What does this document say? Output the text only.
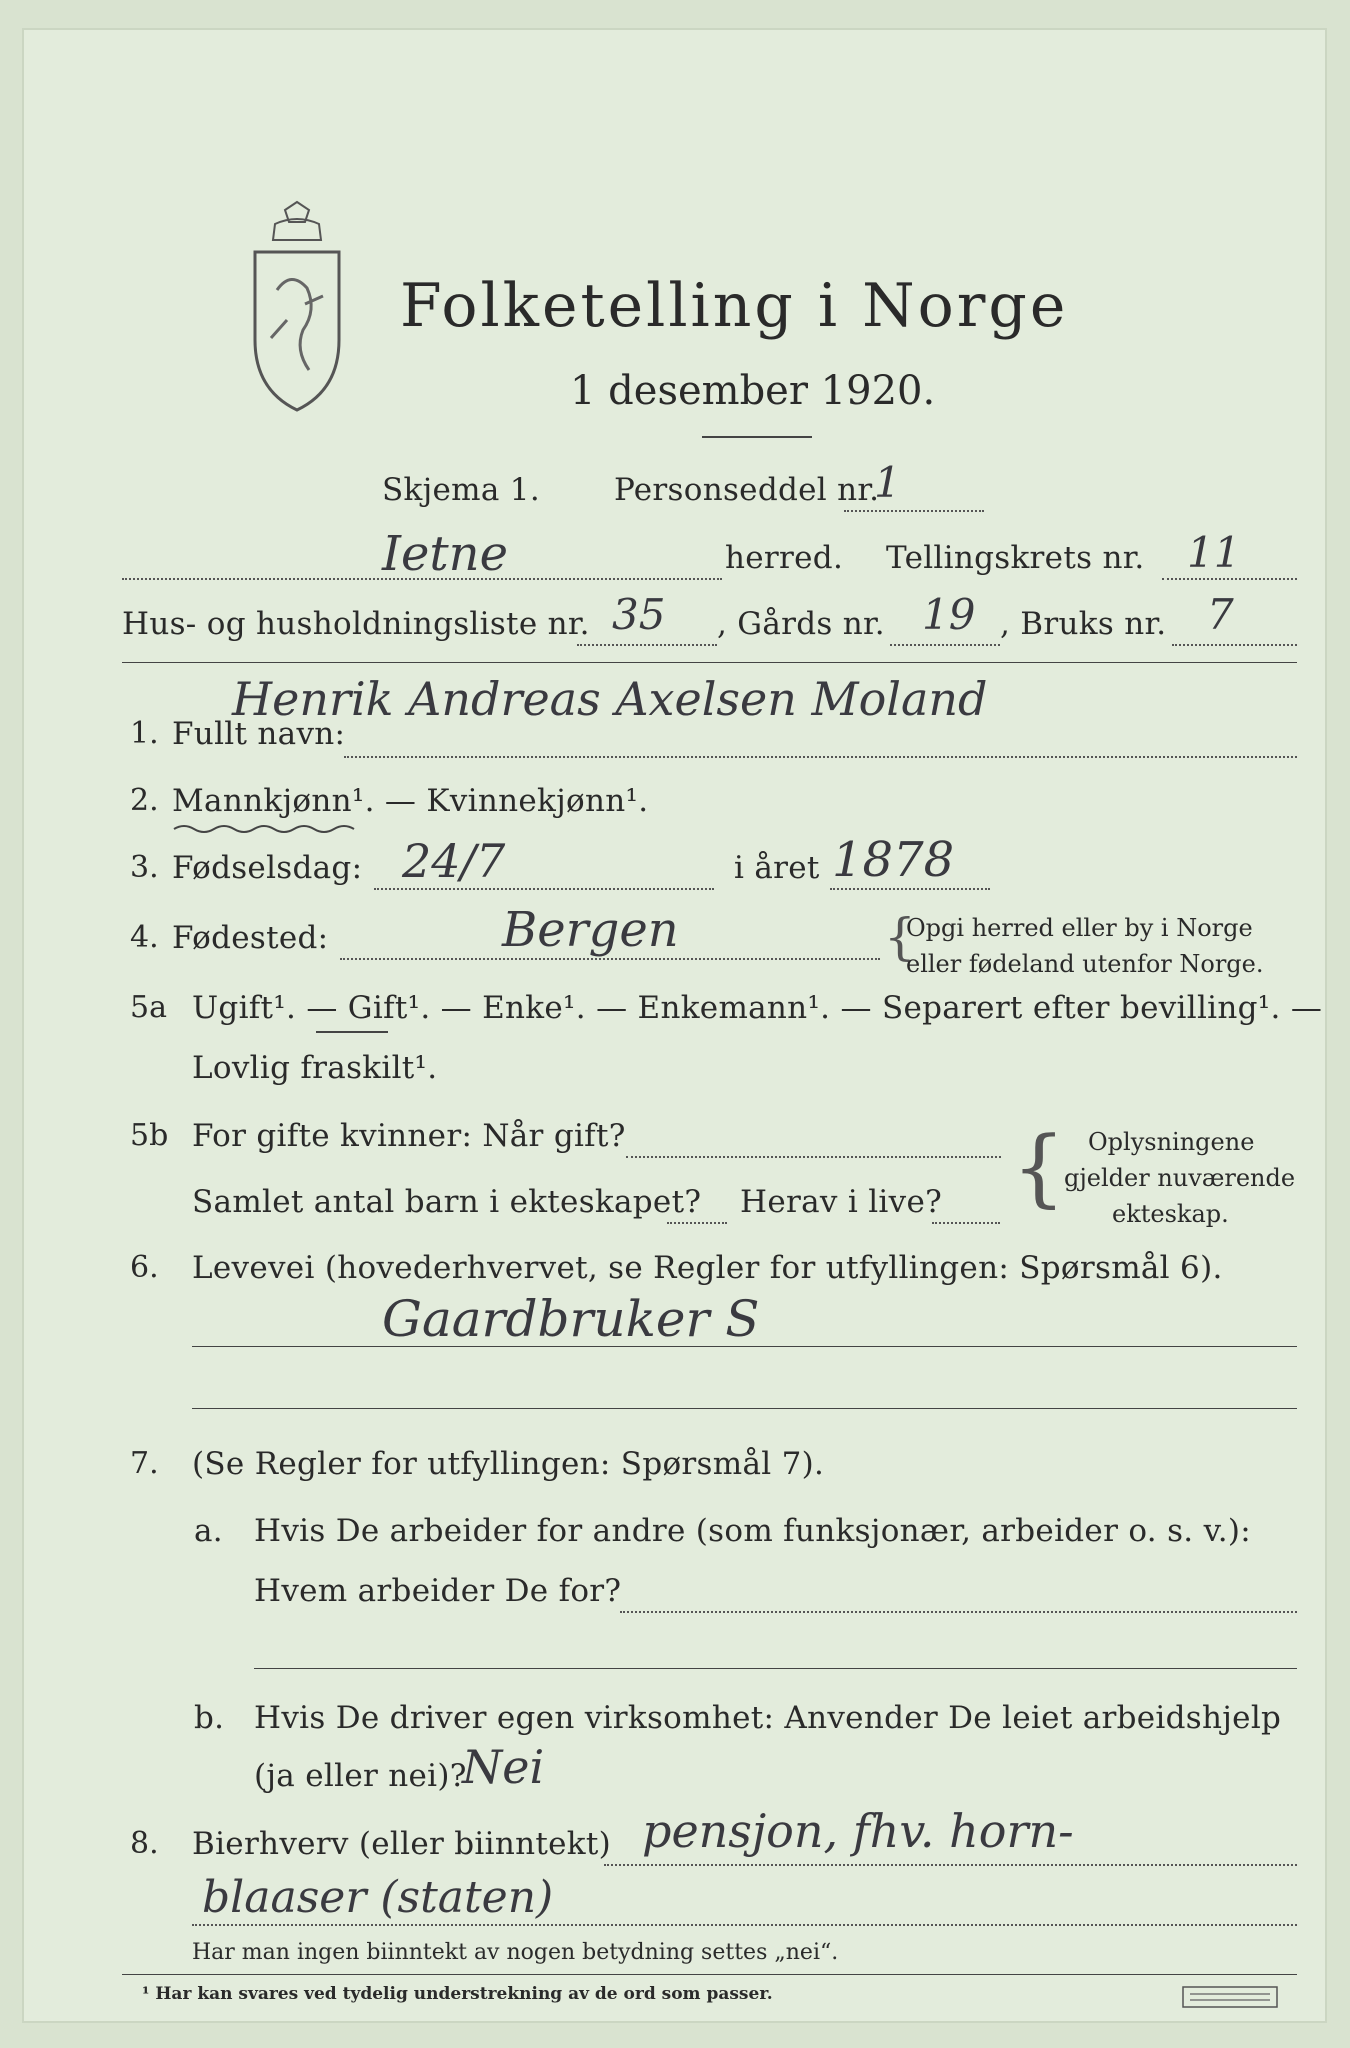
Folketelling i Norge
1 desember 1920.
Skjema 1. Personseddel nr.
1
Ietne	herred. Tellingskrets nr. 11
Hus- og husholdningsliste nr. 35 , Gårds nr. 19 , Bruks nr. 7
1. Fullt navn:
Henrik Andreas Axelsen Moland
2. Mannkjønn¹. — Kvinnekjønn¹.
3. Fødselsdag: 24/7	i året 1878
4. Fødested:	Bergen	{
Opgi herred eller by i Norge
eller fødeland utenfor Norge.
5a Ugift¹. — Gift¹. — Enke¹. — Enkemann¹. — Separert efter bevilling¹. —
Lovlig fraskilt¹.
5b For gifte kvinner: Når gift?
Samlet antal barn i ekteskapet? Herav i live? { Oplysningene
gjelder nuværende
ekteskap.
6. Levevei (hovederhvervet, se Regler for utfyllingen: Spørsmål 6).
Gaardbruker S
7. (Se Regler for utfyllingen: Spørsmål 7).
a. Hvis De arbeider for andre (som funksjonær, arbeider o. s. v.):
Hvem arbeider De for?
b. Hvis De driver egen virksomhet: Anvender De leiet arbeidshjelp
(ja eller nei)?
Nei
8. Bierhverv (eller biinntekt) pensjon, fhv. horn-
blaaser (staten)
Har man ingen biinntekt av nogen betydning settes „nei“.
¹ Har kan svares ved tydelig understrekning av de ord som passer.
